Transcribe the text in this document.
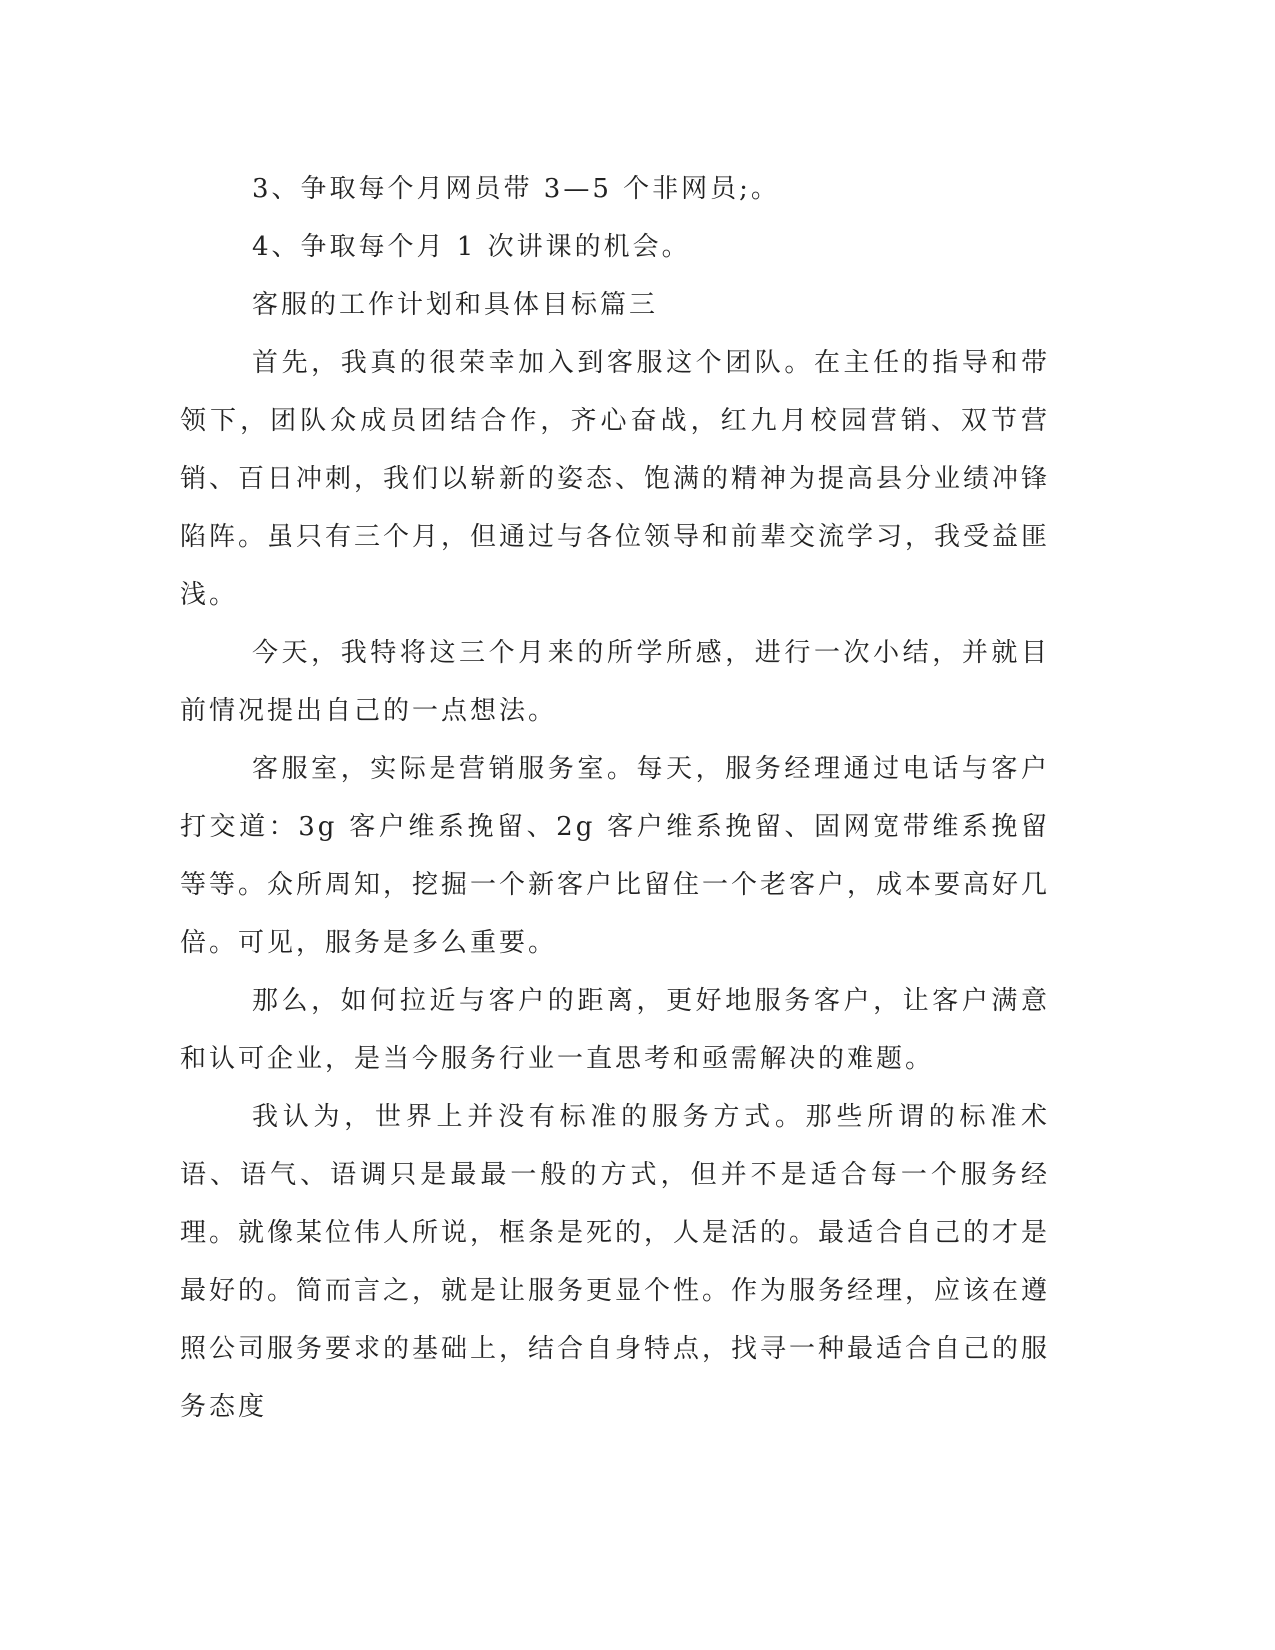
3、争取每个月网员带 3—5 个非网员;。

4、争取每个月 1 次讲课的机会。

客服的工作计划和具体目标篇三

首先，我真的很荣幸加入到客服这个团队。在主任的指导和带领下，团队众成员团结合作，齐心奋战，红九月校园营销、双节营销、百日冲刺，我们以崭新的姿态、饱满的精神为提高县分业绩冲锋陷阵。虽只有三个月，但通过与各位领导和前辈交流学习，我受益匪浅。

今天，我特将这三个月来的所学所感，进行一次小结，并就目前情况提出自己的一点想法。

客服室，实际是营销服务室。每天，服务经理通过电话与客户打交道：3g 客户维系挽留、2g 客户维系挽留、固网宽带维系挽留等等。众所周知，挖掘一个新客户比留住一个老客户，成本要高好几倍。可见，服务是多么重要。

那么，如何拉近与客户的距离，更好地服务客户，让客户满意和认可企业，是当今服务行业一直思考和亟需解决的难题。

我认为，世界上并没有标准的服务方式。那些所谓的标准术语、语气、语调只是最最一般的方式，但并不是适合每一个服务经理。就像某位伟人所说，框条是死的，人是活的。最适合自己的才是最好的。简而言之，就是让服务更显个性。作为服务经理，应该在遵照公司服务要求的基础上，结合自身特点，找寻一种最适合自己的服务态度
